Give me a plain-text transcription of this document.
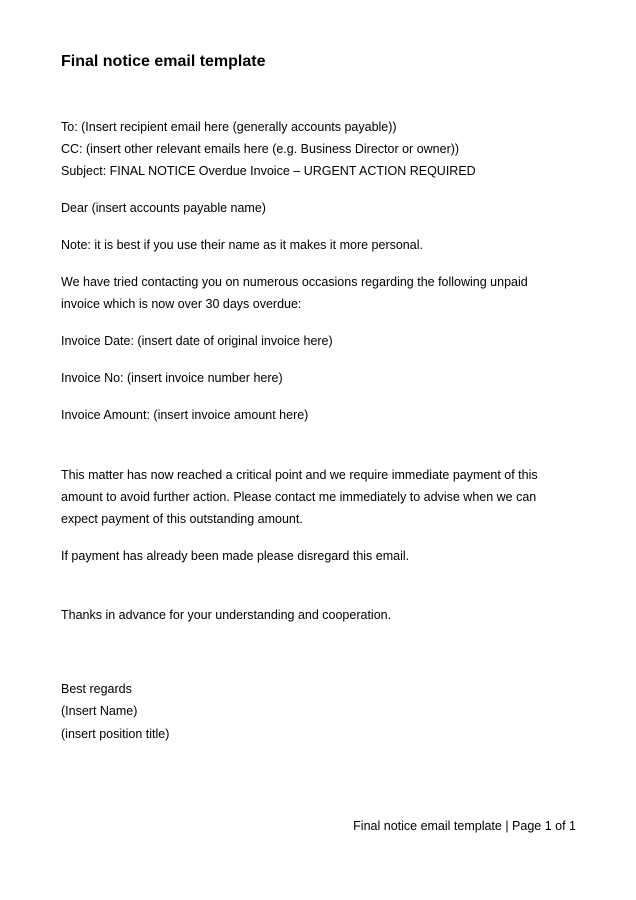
Final notice email template
To: (Insert recipient email here (generally accounts payable))
CC: (insert other relevant emails here (e.g. Business Director or owner))
Subject: FINAL NOTICE Overdue Invoice – URGENT ACTION REQUIRED
Dear (insert accounts payable name)
Note: it is best if you use their name as it makes it more personal.
We have tried contacting you on numerous occasions regarding the following unpaid
invoice which is now over 30 days overdue:
Invoice Date: (insert date of original invoice here)
Invoice No: (insert invoice number here)
Invoice Amount: (insert invoice amount here)
This matter has now reached a critical point and we require immediate payment of this
amount to avoid further action. Please contact me immediately to advise when we can
expect payment of this outstanding amount.
If payment has already been made please disregard this email.
Thanks in advance for your understanding and cooperation.
Best regards
(Insert Name)
(insert position title)
Final notice email template | Page 1 of 1
